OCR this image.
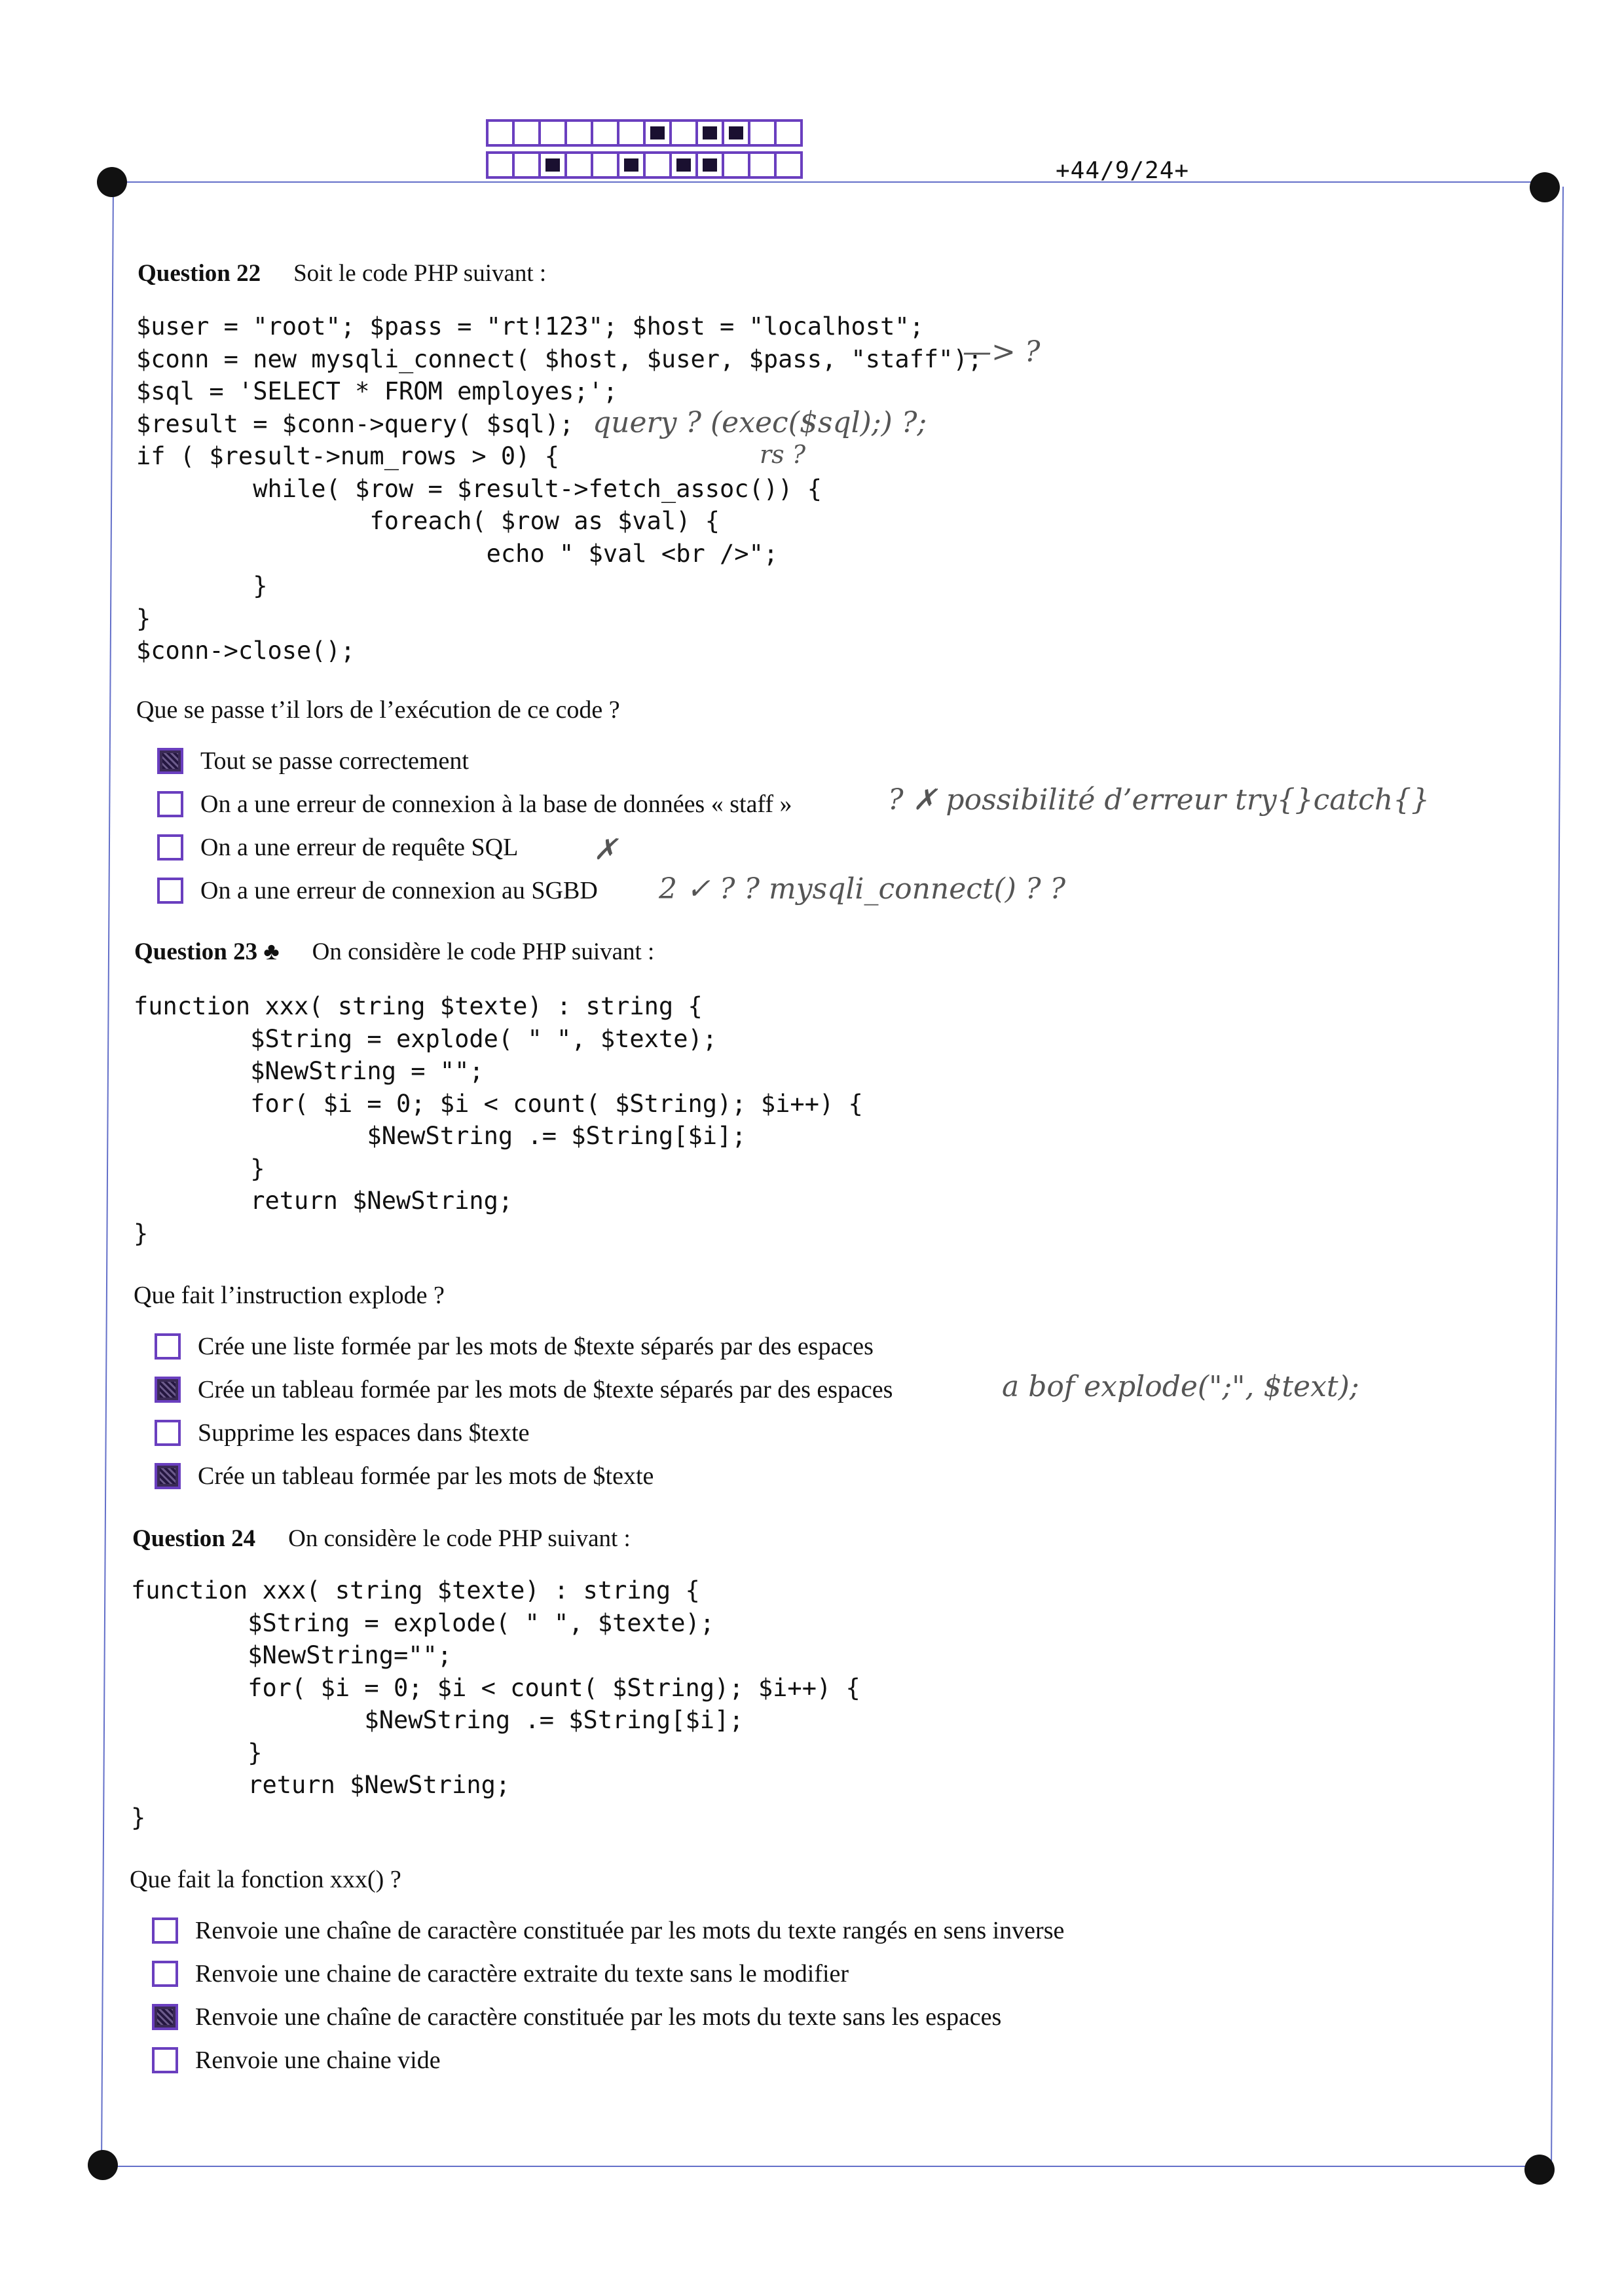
+44/9/24+
Question 22 Soit le code PHP suivant :
$user = "root"; $pass = "rt!123"; $host = "localhost";
$conn = new mysqli_connect( $host, $user, $pass, "staff");
$sql = 'SELECT * FROM employes;';
$result = $conn->query( $sql);
if ( $result->num_rows > 0) {
while( $row = $result->fetch_assoc()) {
foreach( $row as $val) {
echo " $val <br />";
}
}
$conn->close();
Que se passe t’il lors de l’exécution de ce code ?
Tout se passe correctement
On a une erreur de connexion à la base de données « staff »
On a une erreur de requête SQL
On a une erreur de connexion au SGBD
Question 23 ♣ On considère le code PHP suivant :
function xxx( string $texte) : string {
$String = explode( " ", $texte);
$NewString = "";
for( $i = 0; $i < count( $String); $i++) {
$NewString .= $String[$i];
}
return $NewString;
}
Que fait l’instruction explode ?
Crée une liste formée par les mots de $texte séparés par des espaces
Crée un tableau formée par les mots de $texte séparés par des espaces
Supprime les espaces dans $texte
Crée un tableau formée par les mots de $texte
Question 24 On considère le code PHP suivant :
function xxx( string $texte) : string {
$String = explode( " ", $texte);
$NewString="";
for( $i = 0; $i < count( $String); $i++) {
$NewString .= $String[$i];
}
return $NewString;
}
Que fait la fonction xxx() ?
Renvoie une chaîne de caractère constituée par les mots du texte rangés en sens inverse
Renvoie une chaine de caractère extraite du texte sans le modifier
Renvoie une chaîne de caractère constituée par les mots du texte sans les espaces
Renvoie une chaine vide
—> ?
query ? (exec($sql);) ?;
rs ?
? ✗ possibilité d’erreur try{}catch{}
✗
2 ✓ ? ? mysqli_connect() ? ?
a bof explode(";", $text);
